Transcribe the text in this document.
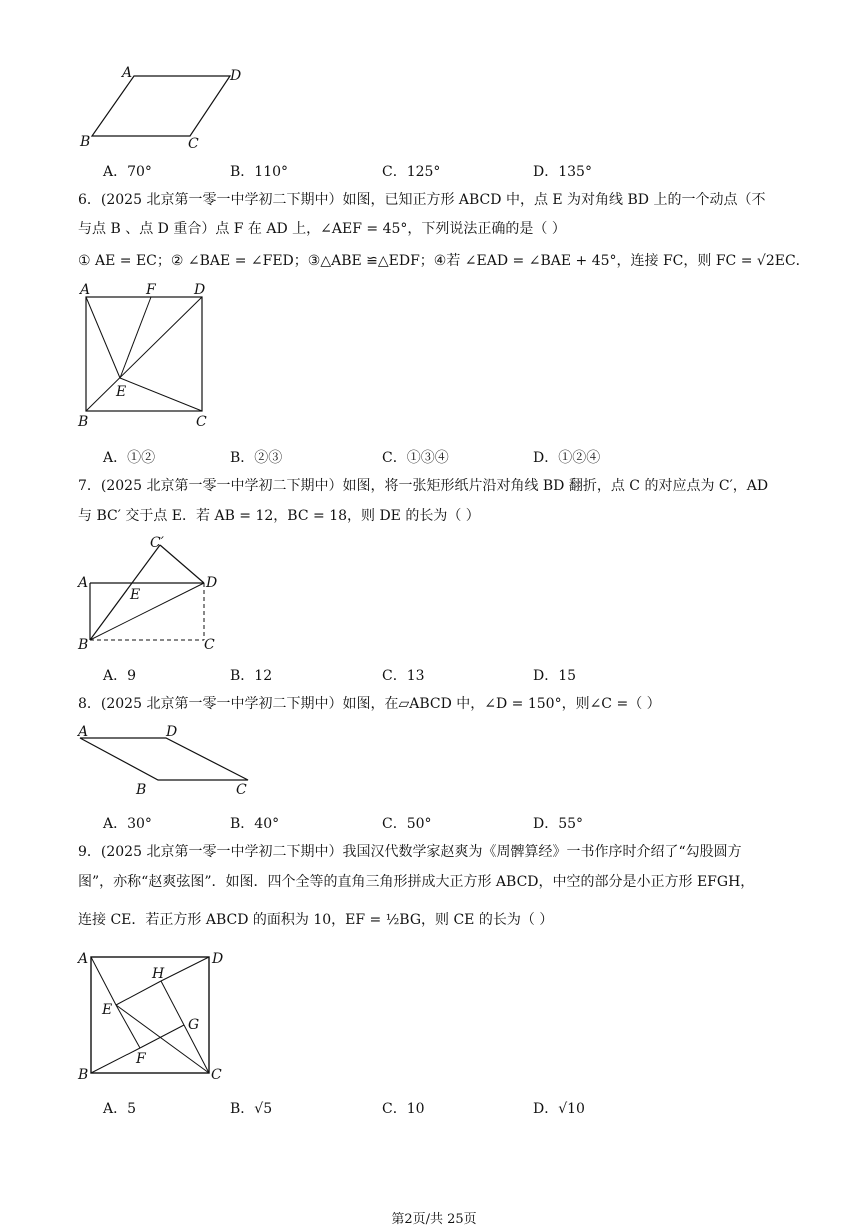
A	D
B	C
A．70°	B．110°	C．125°	D．135°
6．(2025 北京第一零一中学初二下期中）如图，已知正方形 ABCD 中，点 E 为对角线 BD 上的一个动点（不
与点 B 、点 D 重合）点 F 在 AD 上，∠AEF = 45°，下列说法正确的是（ ）
① AE = EC；② ∠BAE = ∠FED；③△ABE ≌△EDF；④若 ∠EAD = ∠BAE + 45°，连接 FC，则 FC = √2EC．
A	F	D
E
B	C
A．①②	B．②③	C．①③④	D．①②④
7．(2025 北京第一零一中学初二下期中）如图，将一张矩形纸片沿对角线 BD 翻折，点 C 的对应点为 C′，AD
与 BC′ 交于点 E．若 AB = 12，BC = 18，则 DE 的长为（ ）
C′
A	D
E
B	C
A．9	B．12	C．13	D．15
8．(2025 北京第一零一中学初二下期中）如图，在▱ABCD 中，∠D = 150°，则∠C =（ ）
A	D
B	C
A．30°	B．40°	C．50°	D．55°
9．(2025 北京第一零一中学初二下期中）我国汉代数学家赵爽为《周髀算经》一书作序时介绍了“勾股圆方
图”，亦称“赵爽弦图”．如图．四个全等的直角三角形拼成大正方形 ABCD，中空的部分是小正方形 EFGH，
连接 CE．若正方形 ABCD 的面积为 10，EF = ½BG，则 CE 的长为（ ）
A	D
H
E
G
F
B	C
A．5	B．√5	C．10	D．√10
第2页/共 25页
